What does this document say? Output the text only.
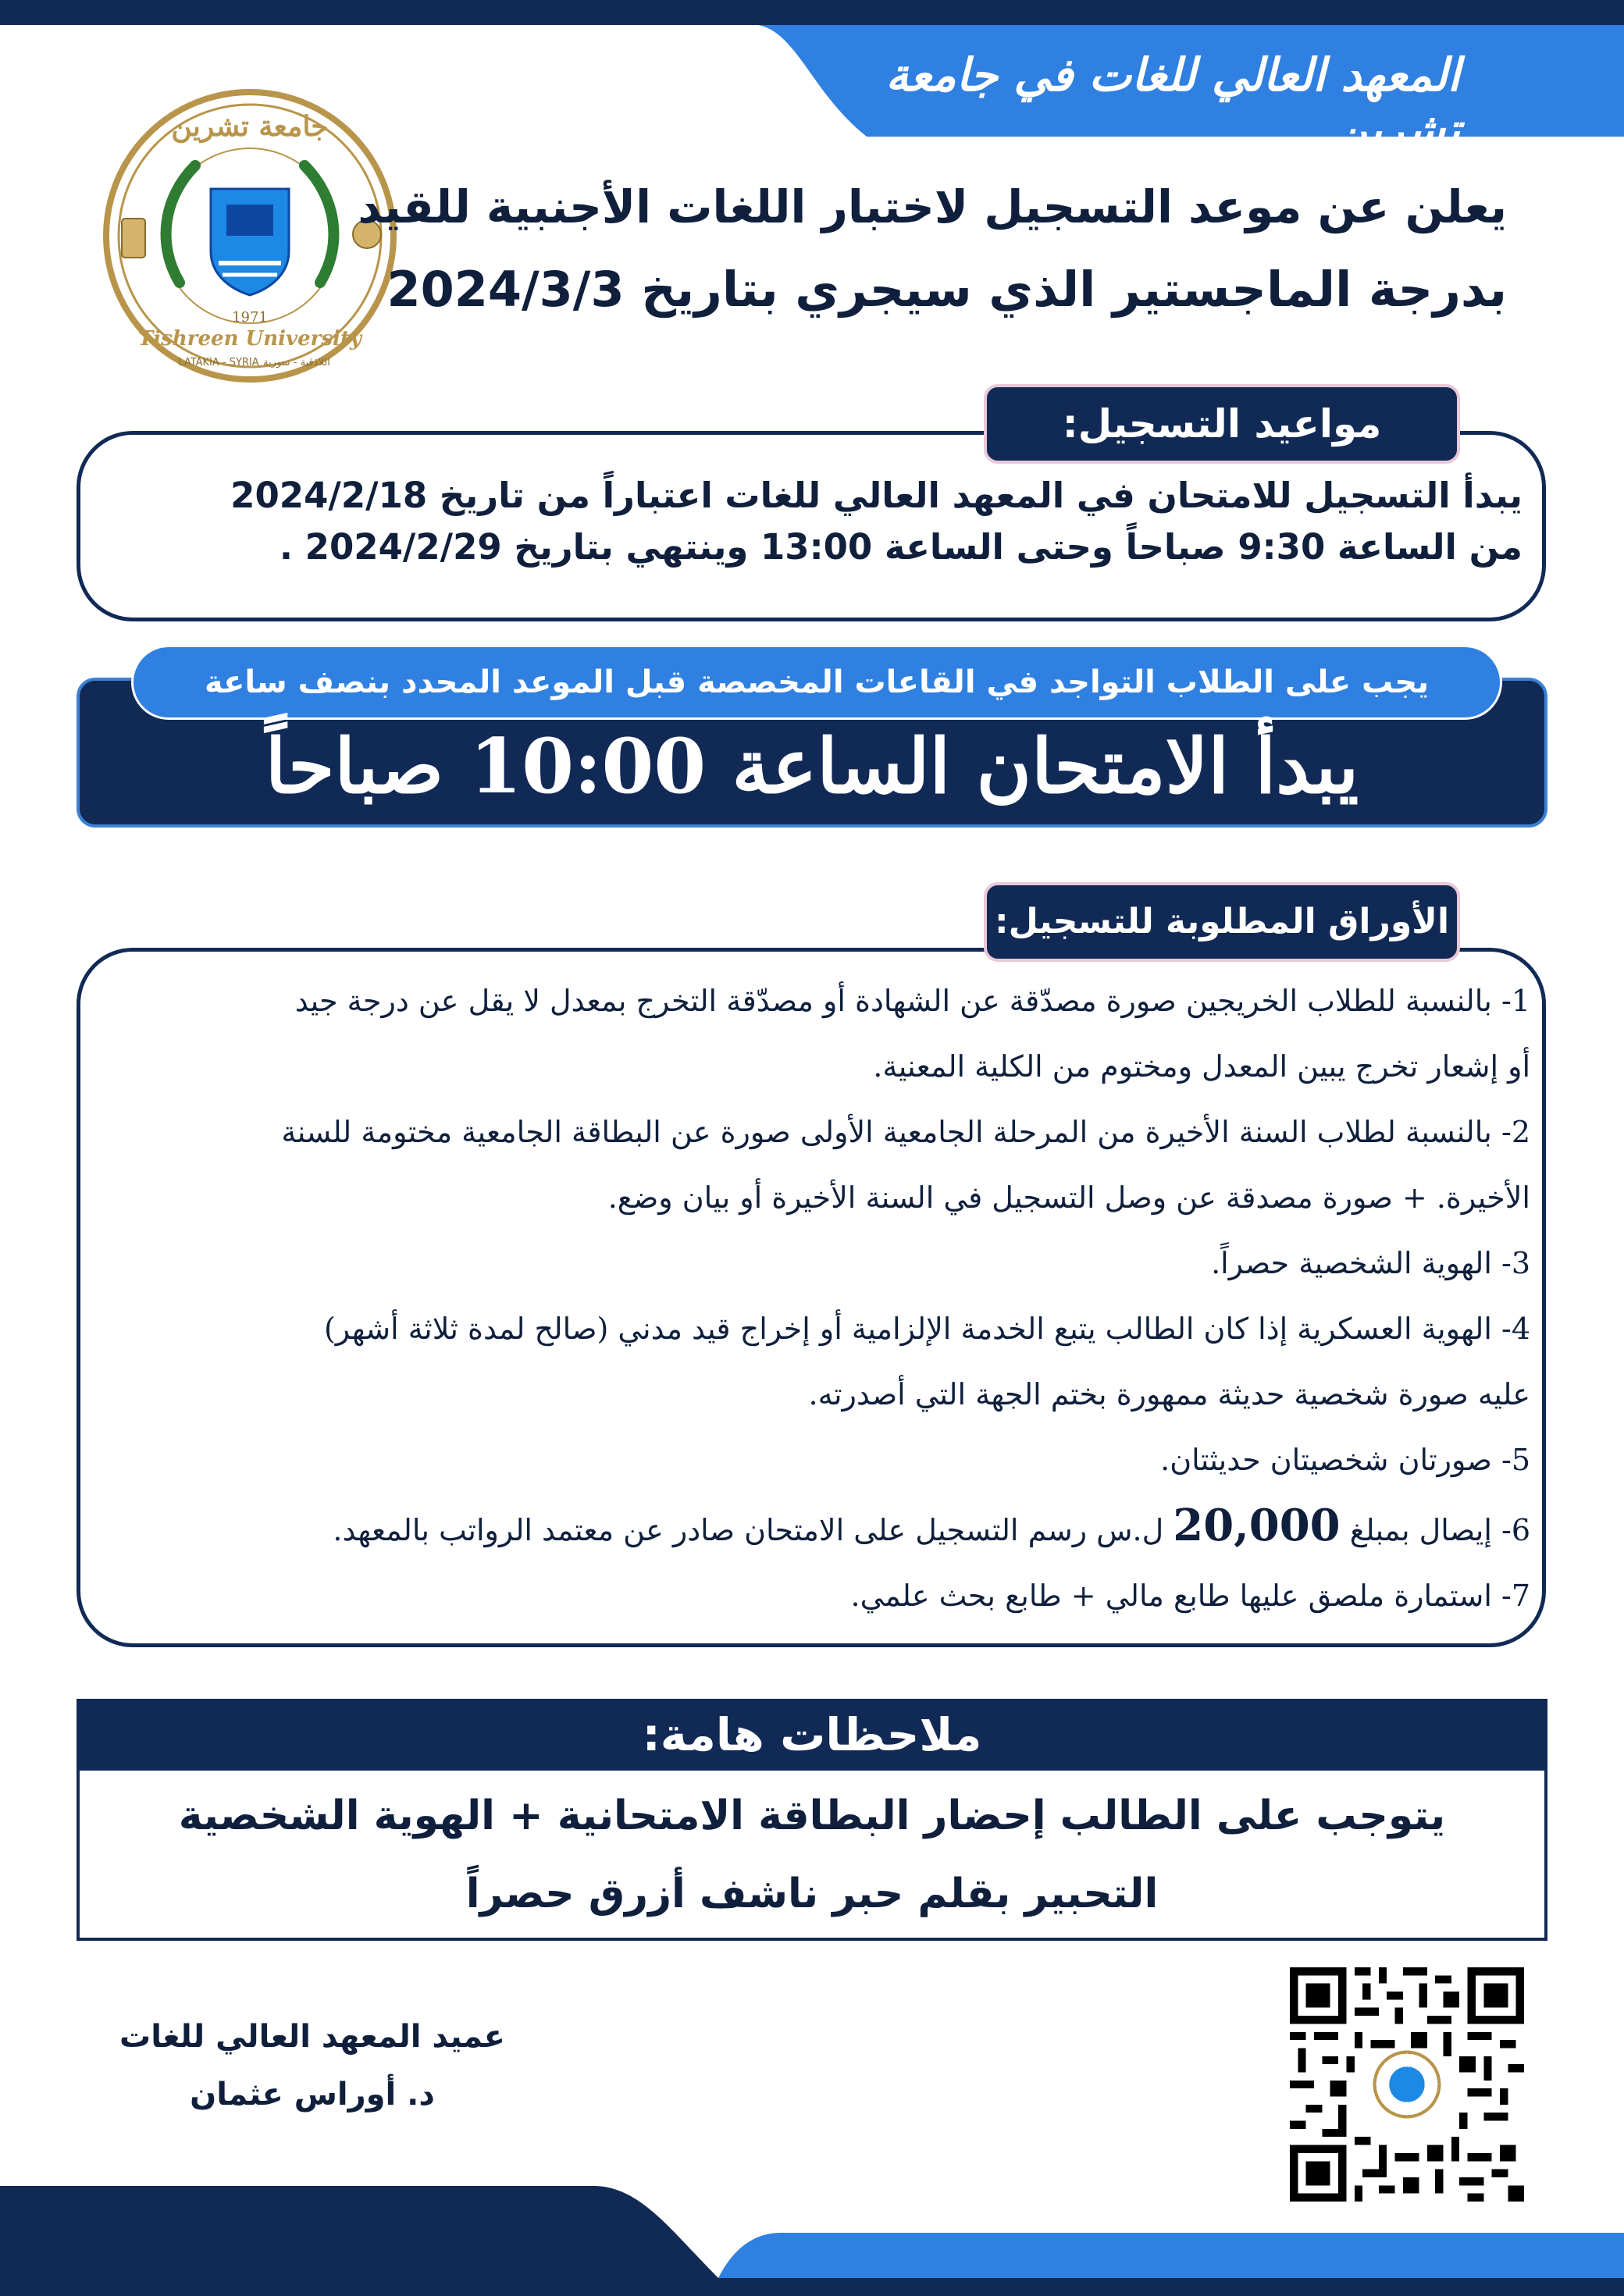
المعهد العالي للغات في جامعة تشرين
جامعة تشرين
1971
Tishreen University
LATAKIA - SYRIA اللاذقية - سورية
يعلن عن موعد التسجيل لاختبار اللغات الأجنبية للقيد
بدرجة الماجستير الذي سيجري بتاريخ 2024/3/3
مواعيد التسجيل:
يبدأ التسجيل للامتحان في المعهد العالي للغات اعتباراً من تاريخ 2024/2/18
من الساعة 9:30 صباحاً وحتى الساعة 13:00 وينتهي بتاريخ 2024/2/29 .
يجب على الطلاب التواجد في القاعات المخصصة قبل الموعد المحدد بنصف ساعة
يبدأ الامتحان الساعة 10:00 صباحاً
الأوراق المطلوبة للتسجيل:
1- بالنسبة للطلاب الخريجين صورة مصدّقة عن الشهادة أو مصدّقة التخرج بمعدل لا يقل عن درجة جيد
أو إشعار تخرج يبين المعدل ومختوم من الكلية المعنية.
2- بالنسبة لطلاب السنة الأخيرة من المرحلة الجامعية الأولى صورة عن البطاقة الجامعية مختومة للسنة
الأخيرة. + صورة مصدقة عن وصل التسجيل في السنة الأخيرة أو بيان وضع.
3- الهوية الشخصية حصراً.
4- الهوية العسكرية إذا كان الطالب يتبع الخدمة الإلزامية أو إخراج قيد مدني (صالح لمدة ثلاثة أشهر)
عليه صورة شخصية حديثة ممهورة بختم الجهة التي أصدرته.
5- صورتان شخصيتان حديثتان.
6- إيصال بمبلغ 20,000 ل.س رسم التسجيل على الامتحان صادر عن معتمد الرواتب بالمعهد.
7- استمارة ملصق عليها طابع مالي + طابع بحث علمي.
ملاحظات هامة:
يتوجب على الطالب إحضار البطاقة الامتحانية + الهوية الشخصية
التحبير بقلم حبر ناشف أزرق حصراً
عميد المعهد العالي للغات
د. أوراس عثمان
